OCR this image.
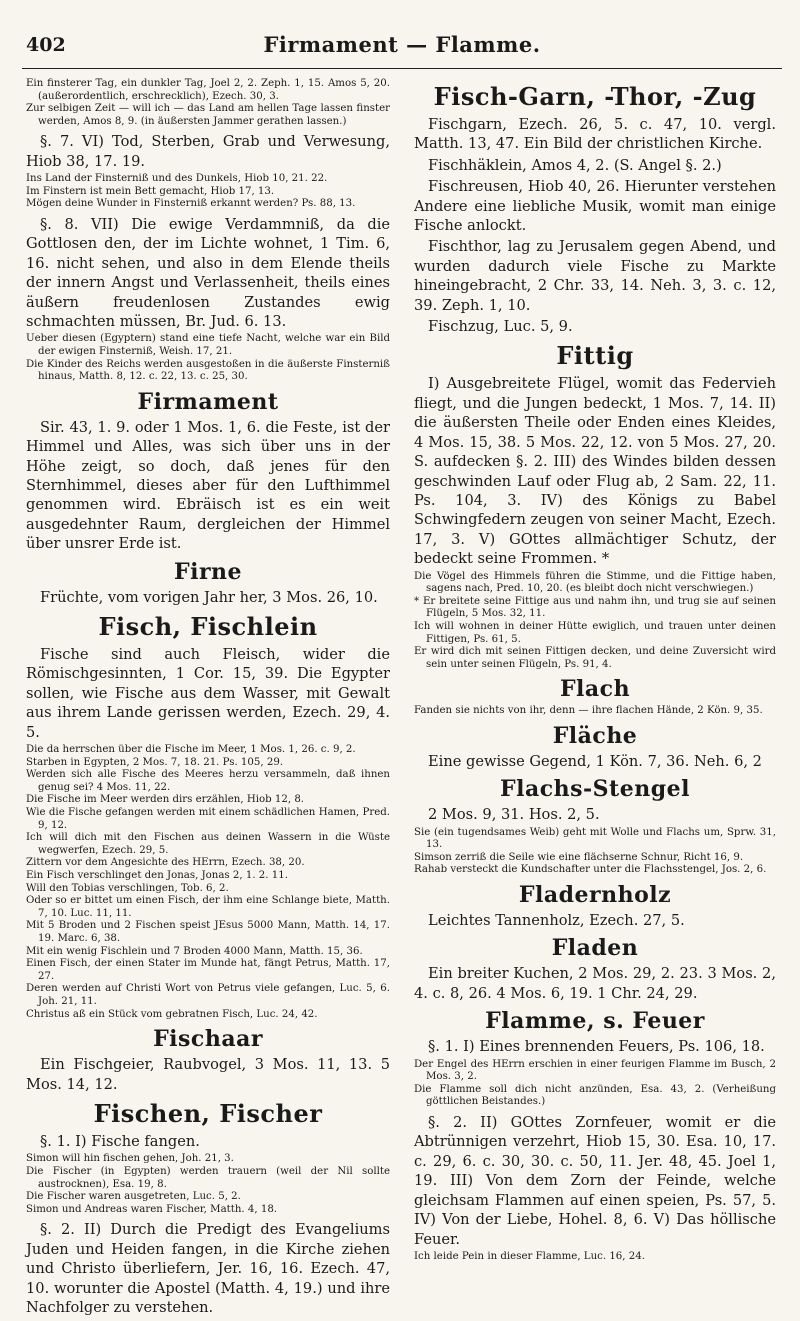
402	Firmament — Flamme.

Ein finsterer Tag, ein dunkler Tag, Joel 2, 2. Zeph. 1, 15. Amos 5, 20. (außerordentlich, erschrecklich), Ezech. 30, 3.

Zur selbigen Zeit — will ich — das Land am hellen Tage lassen finster werden, Amos 8, 9. (in äußersten Jammer gerathen lassen.)

§. 7. VI) Tod, Sterben, Grab und Verwesung, Hiob 38, 17. 19.

Ins Land der Finsterniß und des Dunkels, Hiob 10, 21. 22.

Im Finstern ist mein Bett gemacht, Hiob 17, 13.

Mögen deine Wunder in Finsterniß erkannt werden? Ps. 88, 13.

§. 8. VII) Die ewige Verdammniß, da die Gottlosen den, der im Lichte wohnet, 1 Tim. 6, 16. nicht sehen, und also in dem Elende theils der innern Angst und Verlassenheit, theils eines äußern freudenlosen Zustandes ewig schmachten müssen, Br. Jud. 6. 13.

Ueber diesen (Egyptern) stand eine tiefe Nacht, welche war ein Bild der ewigen Finsterniß, Weish. 17, 21.

Die Kinder des Reichs werden ausgestoßen in die äußerste Finsterniß hinaus, Matth. 8, 12. c. 22, 13. c. 25, 30.

Firmament

Sir. 43, 1. 9. oder 1 Mos. 1, 6. die Feste, ist der Himmel und Alles, was sich über uns in der Höhe zeigt, so doch, daß jenes für den Sternhimmel, dieses aber für den Lufthimmel genommen wird. Ebräisch ist es ein weit ausgedehnter Raum, dergleichen der Himmel über unsrer Erde ist.

Firne

Früchte, vom vorigen Jahr her, 3 Mos. 26, 10.

Fisch, Fischlein

Fische sind auch Fleisch, wider die Römischgesinnten, 1 Cor. 15, 39. Die Egypter sollen, wie Fische aus dem Wasser, mit Gewalt aus ihrem Lande gerissen werden, Ezech. 29, 4. 5.

Die da herrschen über die Fische im Meer, 1 Mos. 1, 26. c. 9, 2.

Starben in Egypten, 2 Mos. 7, 18. 21. Ps. 105, 29.

Werden sich alle Fische des Meeres herzu versammeln, daß ihnen genug sei? 4 Mos. 11, 22.

Die Fische im Meer werden dirs erzählen, Hiob 12, 8.

Wie die Fische gefangen werden mit einem schädlichen Hamen, Pred. 9, 12.

Ich will dich mit den Fischen aus deinen Wassern in die Wüste wegwerfen, Ezech. 29, 5.

Zittern vor dem Angesichte des HErrn, Ezech. 38, 20.

Ein Fisch verschlinget den Jonas, Jonas 2, 1. 2. 11.

Will den Tobias verschlingen, Tob. 6, 2.

Oder so er bittet um einen Fisch, der ihm eine Schlange biete, Matth. 7, 10. Luc. 11, 11.

Mit 5 Broden und 2 Fischen speist JEsus 5000 Mann, Matth. 14, 17. 19. Marc. 6, 38.

Mit ein wenig Fischlein und 7 Broden 4000 Mann, Matth. 15, 36.

Einen Fisch, der einen Stater im Munde hat, fängt Petrus, Matth. 17, 27.

Deren werden auf Christi Wort von Petrus viele gefangen, Luc. 5, 6. Joh. 21, 11.

Christus aß ein Stück vom gebratnen Fisch, Luc. 24, 42.

Fischaar

Ein Fischgeier, Raubvogel, 3 Mos. 11, 13. 5 Mos. 14, 12.

Fischen, Fischer

§. 1. I) Fische fangen.

Simon will hin fischen gehen, Joh. 21, 3.

Die Fischer (in Egypten) werden trauern (weil der Nil sollte austrocknen), Esa. 19, 8.

Die Fischer waren ausgetreten, Luc. 5, 2.

Simon und Andreas waren Fischer, Matth. 4, 18.

§. 2. II) Durch die Predigt des Evangeliums Juden und Heiden fangen, in die Kirche ziehen und Christo überliefern, Jer. 16, 16. Ezech. 47, 10. worunter die Apostel (Matth. 4, 19.) und ihre Nachfolger zu verstehen.

Fisch-Garn, -Thor, -Zug

Fischgarn, Ezech. 26, 5. c. 47, 10. vergl. Matth. 13, 47. Ein Bild der christlichen Kirche.

Fischhäklein, Amos 4, 2. (S. Angel §. 2.)

Fischreusen, Hiob 40, 26. Hierunter verstehen Andere eine liebliche Musik, womit man einige Fische anlockt.

Fischthor, lag zu Jerusalem gegen Abend, und wurden dadurch viele Fische zu Markte hineingebracht, 2 Chr. 33, 14. Neh. 3, 3. c. 12, 39. Zeph. 1, 10.

Fischzug, Luc. 5, 9.

Fittig

I) Ausgebreitete Flügel, womit das Federvieh fliegt, und die Jungen bedeckt, 1 Mos. 7, 14. II) die äußersten Theile oder Enden eines Kleides, 4 Mos. 15, 38. 5 Mos. 22, 12. von 5 Mos. 27, 20. S. aufdecken §. 2. III) des Windes bilden dessen geschwinden Lauf oder Flug ab, 2 Sam. 22, 11. Ps. 104, 3. IV) des Königs zu Babel Schwingfedern zeugen von seiner Macht, Ezech. 17, 3. V) GOttes allmächtiger Schutz, der bedeckt seine Frommen. *

Die Vögel des Himmels führen die Stimme, und die Fittige haben, sagens nach, Pred. 10, 20. (es bleibt doch nicht verschwiegen.)

* Er breitete seine Fittige aus und nahm ihn, und trug sie auf seinen Flügeln, 5 Mos. 32, 11.

Ich will wohnen in deiner Hütte ewiglich, und trauen unter deinen Fittigen, Ps. 61, 5.

Er wird dich mit seinen Fittigen decken, und deine Zuversicht wird sein unter seinen Flügeln, Ps. 91, 4.

Flach

Fanden sie nichts von ihr, denn — ihre flachen Hände, 2 Kön. 9, 35.

Fläche

Eine gewisse Gegend, 1 Kön. 7, 36. Neh. 6, 2

Flachs-Stengel

2 Mos. 9, 31. Hos. 2, 5.

Sie (ein tugendsames Weib) geht mit Wolle und Flachs um, Sprw. 31, 13.

Simson zerriß die Seile wie eine flächserne Schnur, Richt 16, 9.

Rahab versteckt die Kundschafter unter die Flachsstengel, Jos. 2, 6.

Fladernholz

Leichtes Tannenholz, Ezech. 27, 5.

Fladen

Ein breiter Kuchen, 2 Mos. 29, 2. 23. 3 Mos. 2, 4. c. 8, 26. 4 Mos. 6, 19. 1 Chr. 24, 29.

Flamme, s. Feuer

§. 1. I) Eines brennenden Feuers, Ps. 106, 18.

Der Engel des HErrn erschien in einer feurigen Flamme im Busch, 2 Mos. 3, 2.

Die Flamme soll dich nicht anzünden, Esa. 43, 2. (Verheißung göttlichen Beistandes.)

§. 2. II) GOttes Zornfeuer, womit er die Abtrünnigen verzehrt, Hiob 15, 30. Esa. 10, 17. c. 29, 6. c. 30, 30. c. 50, 11. Jer. 48, 45. Joel 1, 19. III) Von dem Zorn der Feinde, welche gleichsam Flammen auf einen speien, Ps. 57, 5. IV) Von der Liebe, Hohel. 8, 6. V) Das höllische Feuer.

Ich leide Pein in dieser Flamme, Luc. 16, 24.
